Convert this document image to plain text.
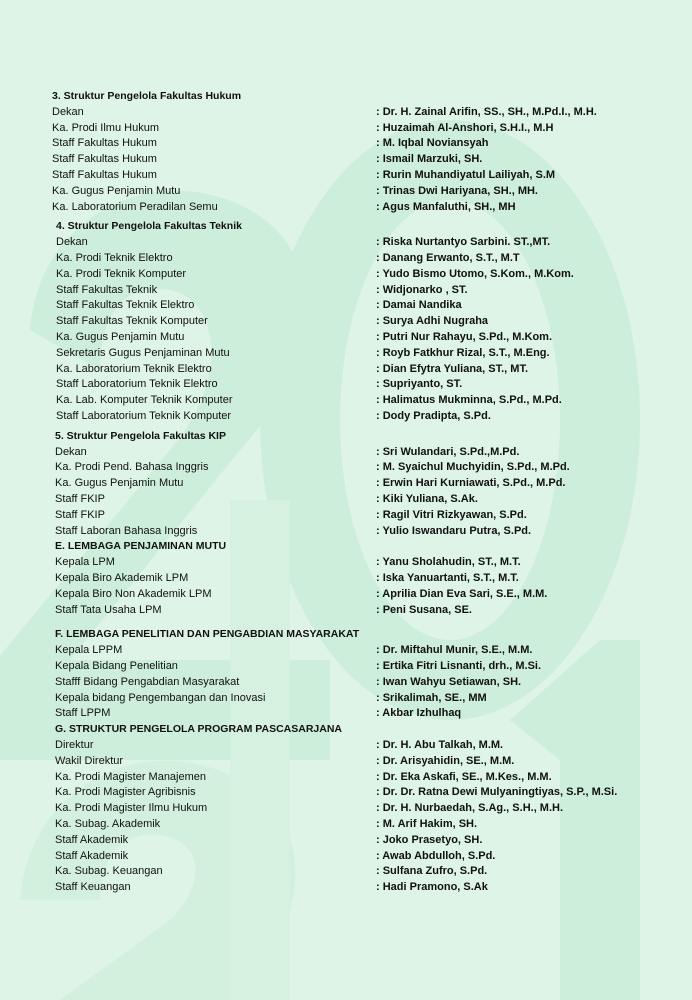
3. Struktur Pengelola Fakultas Hukum
Dekan	: Dr. H. Zainal Arifin, SS., SH., M.Pd.I., M.H.
Ka. Prodi Ilmu Hukum	: Huzaimah Al-Anshori, S.H.I., M.H
Staff Fakultas Hukum	: M. Iqbal Noviansyah
Staff Fakultas Hukum	: Ismail Marzuki, SH.
Staff Fakultas Hukum	: Rurin Muhandiyatul Lailiyah, S.M
Ka. Gugus Penjamin Mutu	: Trinas Dwi Hariyana, SH., MH.
Ka. Laboratorium Peradilan Semu	: Agus Manfaluthi, SH., MH
4. Struktur Pengelola Fakultas Teknik
Dekan	: Riska Nurtantyo Sarbini. ST.,MT.
Ka. Prodi Teknik Elektro	: Danang Erwanto, S.T., M.T
Ka. Prodi Teknik Komputer	: Yudo Bismo Utomo, S.Kom., M.Kom.
Staff Fakultas Teknik	: Widjonarko , ST.
Staff Fakultas Teknik Elektro	: Damai Nandika
Staff Fakultas Teknik Komputer	: Surya Adhi Nugraha
Ka. Gugus Penjamin Mutu	: Putri Nur Rahayu, S.Pd., M.Kom.
Sekretaris Gugus Penjaminan Mutu	: Royb Fatkhur Rizal, S.T., M.Eng.
Ka. Laboratorium Teknik Elektro	: Dian Efytra Yuliana, ST., MT.
Staff Laboratorium Teknik Elektro	: Supriyanto, ST.
Ka. Lab. Komputer Teknik Komputer	: Halimatus Mukminna, S.Pd., M.Pd.
Staff Laboratorium Teknik Komputer	: Dody Pradipta, S.Pd.
5. Struktur Pengelola Fakultas KIP
Dekan	: Sri Wulandari, S.Pd.,M.Pd.
Ka. Prodi Pend. Bahasa Inggris	: M. Syaichul Muchyidin, S.Pd., M.Pd.
Ka. Gugus Penjamin Mutu	: Erwin Hari Kurniawati, S.Pd., M.Pd.
Staff FKIP	: Kiki Yuliana, S.Ak.
Staff FKIP	: Ragil Vitri Rizkyawan, S.Pd.
Staff Laboran Bahasa Inggris	: Yulio Iswandaru Putra, S.Pd.
E. LEMBAGA PENJAMINAN MUTU
Kepala LPM	: Yanu Sholahudin, ST., M.T.
Kepala Biro Akademik LPM	: Iska Yanuartanti, S.T., M.T.
Kepala Biro Non Akademik LPM	: Aprilia Dian Eva Sari, S.E., M.M.
Staff Tata Usaha LPM	: Peni Susana, SE.
F. LEMBAGA PENELITIAN DAN PENGABDIAN MASYARAKAT
Kepala LPPM	: Dr. Miftahul Munir, S.E., M.M.
Kepala Bidang Penelitian	: Ertika Fitri Lisnanti, drh., M.Si.
Stafff Bidang Pengabdian Masyarakat	: Iwan Wahyu Setiawan, SH.
Kepala bidang Pengembangan dan Inovasi	: Srikalimah, SE., MM
Staff LPPM	: Akbar Izhulhaq
G. STRUKTUR PENGELOLA PROGRAM PASCASARJANA
Direktur	: Dr. H. Abu Talkah, M.M.
Wakil Direktur	: Dr. Arisyahidin, SE., M.M.
Ka. Prodi Magister Manajemen	: Dr. Eka Askafi, SE., M.Kes., M.M.
Ka. Prodi Magister Agribisnis	: Dr. Dr. Ratna Dewi Mulyaningtiyas, S.P., M.Si.
Ka. Prodi Magister Ilmu Hukum	: Dr. H. Nurbaedah, S.Ag., S.H., M.H.
Ka. Subag. Akademik	: M. Arif Hakim, SH.
Staff Akademik	: Joko Prasetyo, SH.
Staff Akademik	: Awab Abdulloh, S.Pd.
Ka. Subag. Keuangan	: Sulfana Zufro, S.Pd.
Staff Keuangan	: Hadi Pramono, S.Ak
